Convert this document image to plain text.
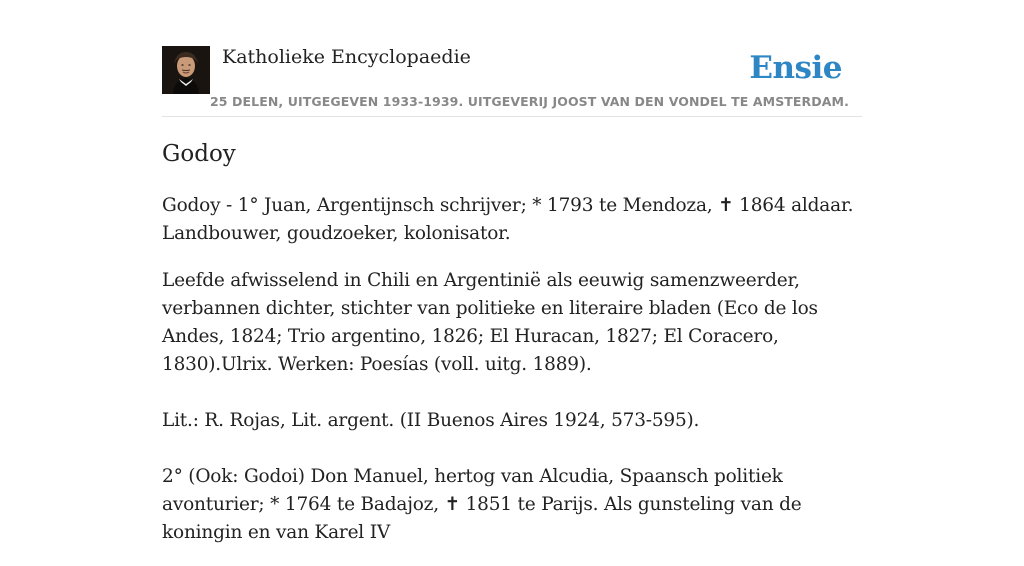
Katholieke Encyclopaedie	Ensie
25 DELEN, UITGEGEVEN 1933-1939. UITGEVERIJ JOOST VAN DEN VONDEL TE AMSTERDAM.
Godoy

Godoy - 1° Juan, Argentijnsch schrijver; * 1793 te Mendoza, ✝ 1864 aldaar. Landbouwer, goudzoeker, kolonisator.

Leefde afwisselend in Chili en Argentinië als eeuwig samenzweerder, verbannen dichter, stichter van politieke en literaire bladen (Eco de los Andes, 1824; Trio argentino, 1826; El Huracan, 1827; El Coracero, 1830).Ulrix. Werken: Poesías (voll. uitg. 1889).

Lit.: R. Rojas, Lit. argent. (II Buenos Aires 1924, 573-595).

2° (Ook: Godoi) Don Manuel, hertog van Alcudia, Spaansch politiek avonturier; * 1764 te Badajoz, ✝ 1851 te Parijs. Als gunsteling van de koningin en van Karel IV
